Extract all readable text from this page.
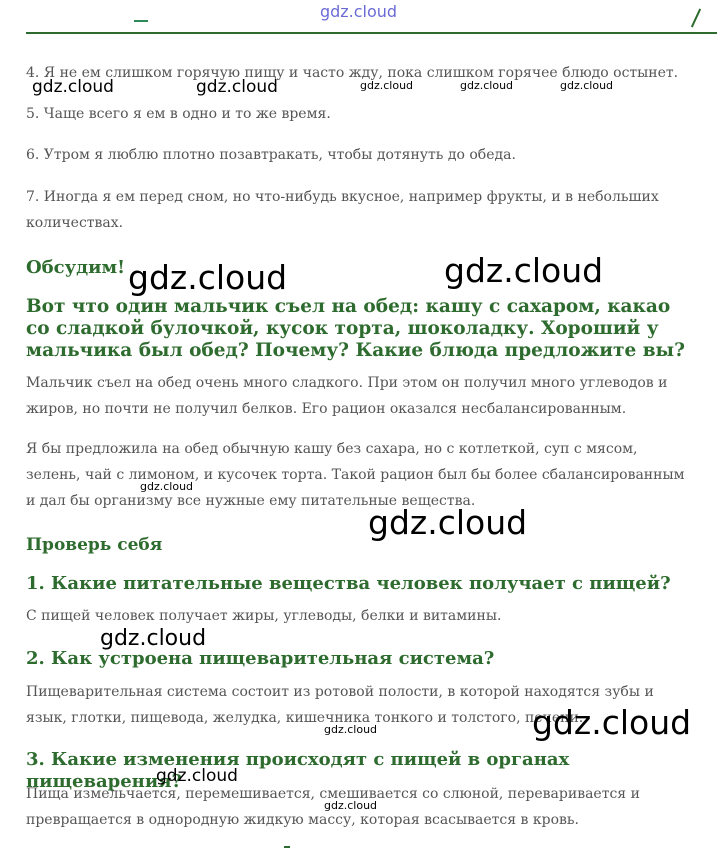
gdz.cloud

4. Я не ем слишком горячую пищу и часто жду, пока слишком горячее блюдо остынет.

5. Чаще всего я ем в одно и то же время.

6. Утром я люблю плотно позавтракать, чтобы дотянуть до обеда.

7. Иногда я ем перед сном, но что-нибудь вкусное, например фрукты, и в небольших количествах.

Обсудим!
Вот что один мальчик съел на обед: кашу с сахаром, какао со сладкой булочкой, кусок торта, шоколадку. Хороший у мальчика был обед? Почему? Какие блюда предложите вы?

Мальчик съел на обед очень много сладкого. При этом он получил много углеводов и жиров, но почти не получил белков. Его рацион оказался несбалансированным.

Я бы предложила на обед обычную кашу без сахара, но с котлеткой, суп с мясом, зелень, чай с лимоном, и кусочек торта. Такой рацион был бы более сбалансированным и дал бы организму все нужные ему питательные вещества.

Проверь себя
1. Какие питательные вещества человек получает с пищей?

С пищей человек получает жиры, углеводы, белки и витамины.

2. Как устроена пищеварительная система?

Пищеварительная система состоит из ротовой полости, в которой находятся зубы и язык, глотки, пищевода, желудка, кишечника тонкого и толстого, печени.

3. Какие изменения происходят с пищей в органах пищеварения?

Пища измельчается, перемешивается, смешивается со слюной, переваривается и превращается в однородную жидкую массу, которая всасывается в кровь.

gdz.cloud	gdz.cloud	gdz.cloud	gdz.cloud	gdz.cloud
gdz.cloud	gdz.cloud
gdz.cloud
gdz.cloud
gdz.cloud
gdz.cloud
gdz.cloud
gdz.cloud
gdz.cloud
